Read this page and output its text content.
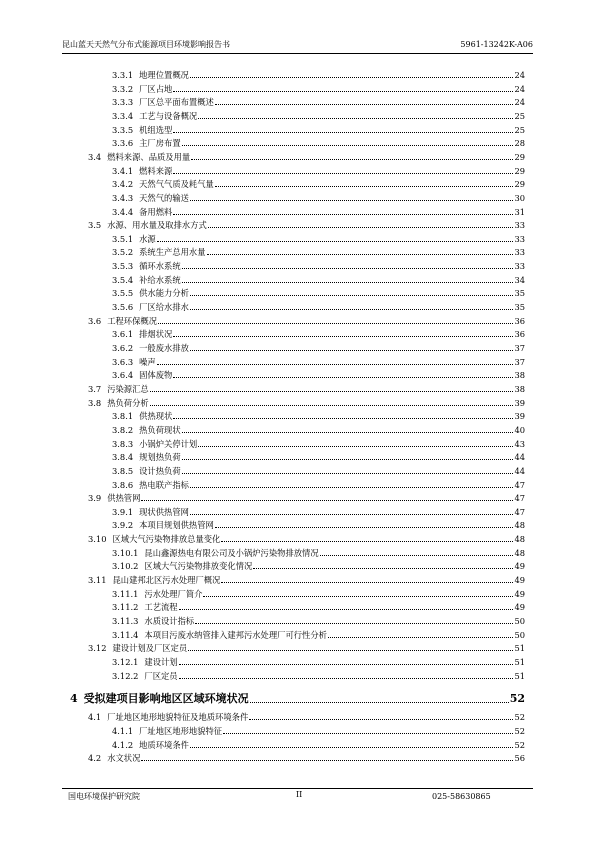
昆山蓝天天然气分布式能源项目环境影响报告书	5961-13242K-A06
3.3.1 地理位置概况	24
3.3.2 厂区占地	24
3.3.3 厂区总平面布置概述	24
3.3.4 工艺与设备概况	25
3.3.5 机组选型	25
3.3.6 主厂房布置	28
3.4 燃料来源、品质及用量	29
3.4.1 燃料来源	29
3.4.2 天然气气质及耗气量	29
3.4.3 天然气的输送	30
3.4.4 备用燃料	31
3.5 水源、用水量及取排水方式	33
3.5.1 水源	33
3.5.2 系统生产总用水量	33
3.5.3 循环水系统	33
3.5.4 补给水系统	34
3.5.5 供水能力分析	35
3.5.6 厂区给水排水	35
3.6 工程环保概况	36
3.6.1 排烟状况	36
3.6.2 一般废水排放	37
3.6.3 噪声	37
3.6.4 固体废物	38
3.7 污染源汇总	38
3.8 热负荷分析	39
3.8.1 供热现状	39
3.8.2 热负荷现状	40
3.8.3 小锅炉关停计划	43
3.8.4 规划热负荷	44
3.8.5 设计热负荷	44
3.8.6 热电联产指标	47
3.9 供热管网	47
3.9.1 现状供热管网	47
3.9.2 本项目规划供热管网	48
3.10 区域大气污染物排放总量变化	48
3.10.1 昆山鑫源热电有限公司及小锅炉污染物排放情况	48
3.10.2 区域大气污染物排放变化情况	49
3.11 昆山建邦北区污水处理厂概况	49
3.11.1 污水处理厂简介	49
3.11.2 工艺流程	49
3.11.3 水质设计指标	50
3.11.4 本项目污废水纳管排入建邦污水处理厂可行性分析	50
3.12 建设计划及厂区定员	51
3.12.1 建设计划	51
3.12.2 厂区定员	51
4 受拟建项目影响地区区域环境状况	52
4.1 厂址地区地形地貌特征及地质环境条件	52
4.1.1 厂址地区地形地貌特征	52
4.1.2 地质环境条件	52
4.2 水文状况	56
国电环境保护研究院	II	025-58630865
